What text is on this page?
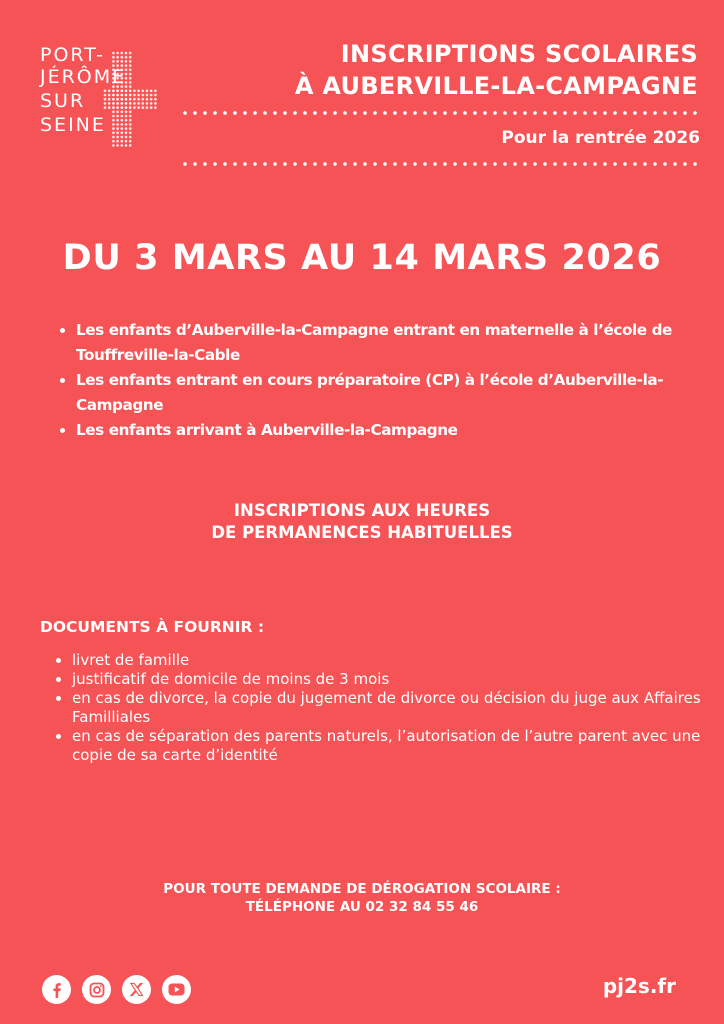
PORT-
JÉRÔME
SUR
SEINE
INSCRIPTIONS SCOLAIRES
À AUBERVILLE-LA-CAMPAGNE
Pour la rentrée 2026
DU 3 MARS AU 14 MARS 2026
• Les enfants d’Auberville-la-Campagne entrant en maternelle à l’école de Touffreville-la-Cable
• Les enfants entrant en cours préparatoire (CP) à l’école d’Auberville-la-Campagne
• Les enfants arrivant à Auberville-la-Campagne
INSCRIPTIONS AUX HEURES
DE PERMANENCES HABITUELLES
DOCUMENTS À FOURNIR :
• livret de famille
• justificatif de domicile de moins de 3 mois
• en cas de divorce, la copie du jugement de divorce ou décision du juge aux Affaires Familliales
• en cas de séparation des parents naturels, l’autorisation de l’autre parent avec une copie de sa carte d’identité
POUR TOUTE DEMANDE DE DÉROGATION SCOLAIRE :
TÉLÉPHONE AU 02 32 84 55 46
pj2s.fr
